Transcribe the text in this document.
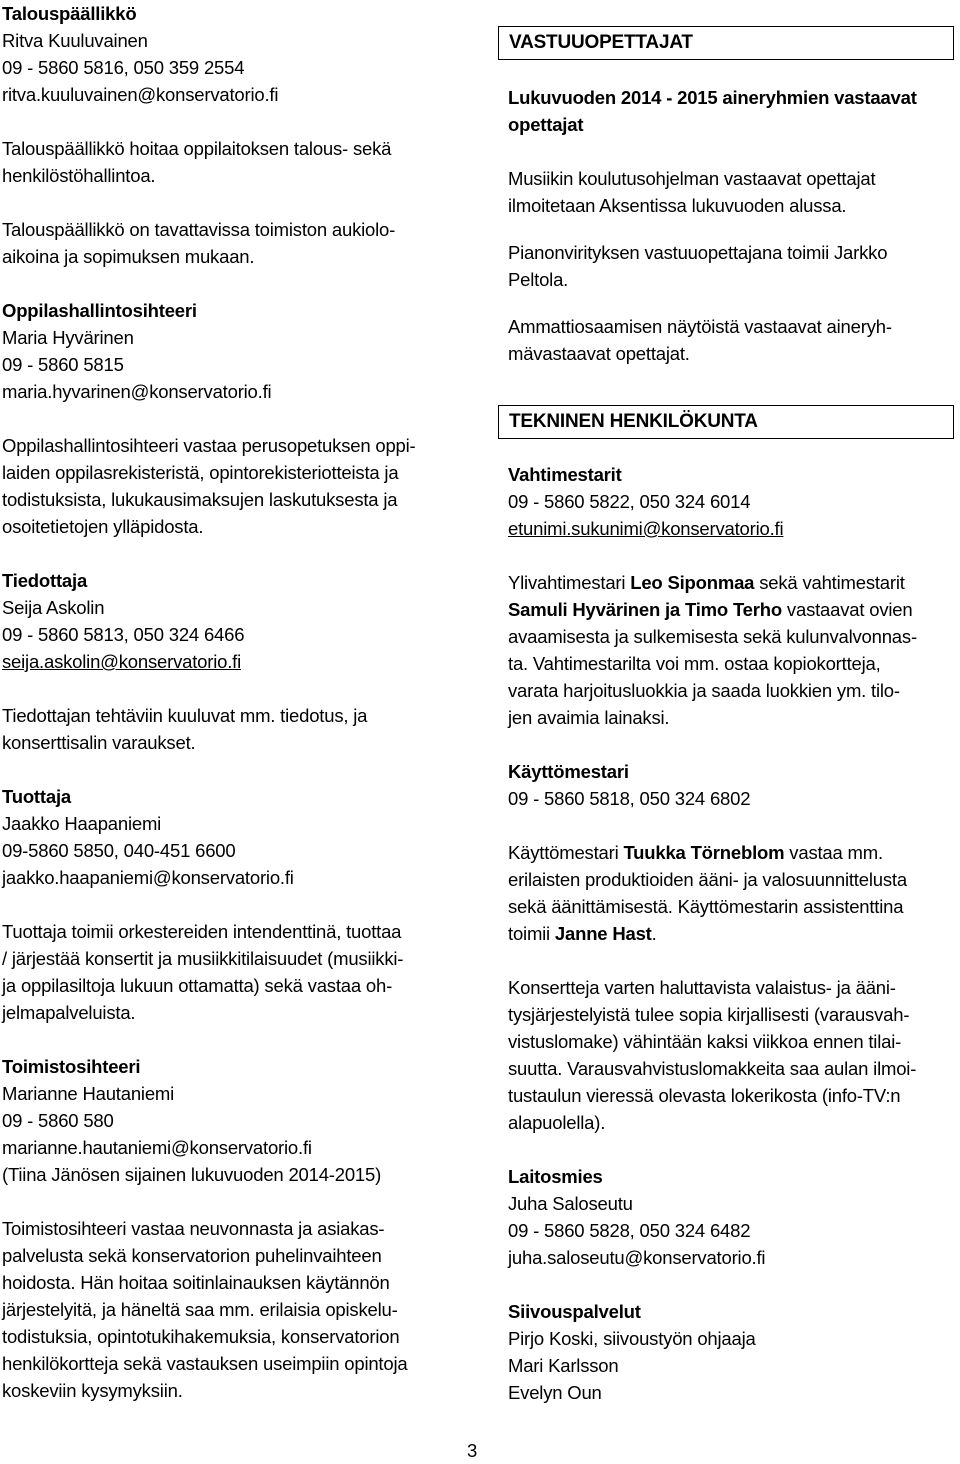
Talouspäällikkö

Ritva Kuuluvainen

09 - 5860 5816, 050 359 2554

ritva.kuuluvainen@konservatorio.fi

Talouspäällikkö hoitaa oppilaitoksen talous- sekä

henkilöstöhallintoa.

Talouspäällikkö on tavattavissa toimiston aukiolo-

aikoina ja sopimuksen mukaan.

Oppilashallintosihteeri

Maria Hyvärinen

09 - 5860 5815

maria.hyvarinen@konservatorio.fi

Oppilashallintosihteeri vastaa perusopetuksen oppi-

laiden oppilasrekisteristä, opintorekisteriotteista ja

todistuksista, lukukausimaksujen laskutuksesta ja

osoitetietojen ylläpidosta.

Tiedottaja

Seija Askolin

09 - 5860 5813, 050 324 6466

seija.askolin@konservatorio.fi

Tiedottajan tehtäviin kuuluvat mm. tiedotus, ja

konserttisalin varaukset.

Tuottaja

Jaakko Haapaniemi

09-5860 5850, 040-451 6600

jaakko.haapaniemi@konservatorio.fi

Tuottaja toimii orkestereiden intendenttinä, tuottaa

/ järjestää konsertit ja musiikkitilaisuudet (musiikki-

ja oppilasiltoja lukuun ottamatta) sekä vastaa oh-

jelmapalveluista.

Toimistosihteeri

Marianne Hautaniemi

09 - 5860 580

marianne.hautaniemi@konservatorio.fi

(Tiina Jänösen sijainen lukuvuoden 2014-2015)

Toimistosihteeri vastaa neuvonnasta ja asiakas-

palvelusta sekä konservatorion puhelinvaihteen

hoidosta. Hän hoitaa soitinlainauksen käytännön

järjestelyitä, ja häneltä saa mm. erilaisia opiskelu-

todistuksia, opintotukihakemuksia, konservatorion

henkilökortteja sekä vastauksen useimpiin opintoja

koskeviin kysymyksiin.

VASTUUOPETTAJAT

Lukuvuoden 2014 - 2015 aineryhmien vastaavat

opettajat

Musiikin koulutusohjelman vastaavat opettajat

ilmoitetaan Aksentissa lukuvuoden alussa.

Pianonvirityksen vastuuopettajana toimii Jarkko

Peltola.

Ammattiosaamisen näytöistä vastaavat aineryh-

mävastaavat opettajat.

TEKNINEN HENKILÖKUNTA

Vahtimestarit

09 - 5860 5822, 050 324 6014

etunimi.sukunimi@konservatorio.fi

Ylivahtimestari Leo Siponmaa sekä vahtimestarit

Samuli Hyvärinen ja Timo Terho vastaavat ovien

avaamisesta ja sulkemisesta sekä kulunvalvonnas-

ta. Vahtimestarilta voi mm. ostaa kopiokortteja,

varata harjoitusluokkia ja saada luokkien ym. tilo-

jen avaimia lainaksi.

Käyttömestari

09 - 5860 5818, 050 324 6802

Käyttömestari Tuukka Törneblom vastaa mm.

erilaisten produktioiden ääni- ja valosuunnittelusta

sekä äänittämisestä. Käyttömestarin assistenttina

toimii Janne Hast.

Konsertteja varten haluttavista valaistus- ja ääni-

tysjärjestelyistä tulee sopia kirjallisesti (varausvah-

vistuslomake) vähintään kaksi viikkoa ennen tilai-

suutta. Varausvahvistuslomakkeita saa aulan ilmoi-

tustaulun vieressä olevasta lokerikosta (info-TV:n

alapuolella).

Laitosmies

Juha Saloseutu

09 - 5860 5828, 050 324 6482

juha.saloseutu@konservatorio.fi

Siivouspalvelut

Pirjo Koski, siivoustyön ohjaaja

Mari Karlsson

Evelyn Oun

3
